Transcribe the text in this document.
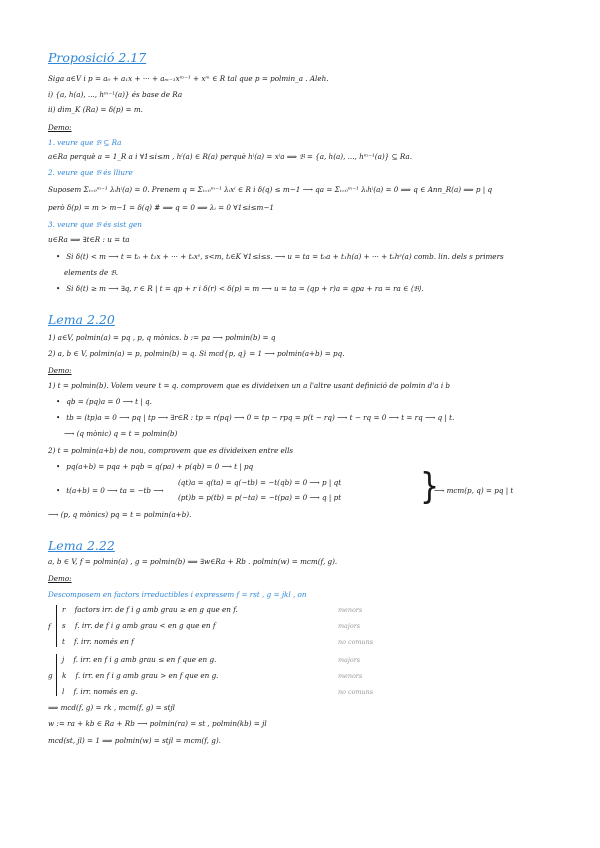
Proposició 2.17
Siga a∈V i p = a₀ + a₁x + ··· + aₘ₋₁xᵐ⁻¹ + xᵐ ∈ R tal que p = polmin_a . Aleh.
i) {a, h(a), ..., hᵐ⁻¹(a)} és base de Ra
ii) dim_K (Ra) = δ(p) = m.
Demo:
1. veure que 𝔅 ⊆ Ra
a∈Ra perquè a = 1_R a i ∀1≤i≤m , hⁱ(a) ∈ R(a) perquè hⁱ(a) = xⁱa ⟹ 𝔅 = {a, h(a), ..., hᵐ⁻¹(a)} ⊆ Ra.
2. veure que 𝔅 és lliure
Suposem Σᵢ₌₀ᵐ⁻¹ λᵢhⁱ(a) = 0. Prenem q = Σᵢ₌₀ᵐ⁻¹ λᵢxⁱ ∈ R i δ(q) ≤ m−1 ⟶ qa = Σᵢ₌₀ᵐ⁻¹ λᵢhⁱ(a) = 0 ⟹ q ∈ Ann_R(a) ⟹ p | q
però δ(p) = m > m−1 = δ(q) # ⟹ q = 0 ⟹ λᵢ = 0 ∀1≤i≤m−1
3. veure que 𝔅 és sist gen
u∈Ra ⟹ ∃t∈R : u = ta
• Si δ(t) < m ⟶ t = t₀ + t₁x + ··· + tₛxˢ, s<m, tᵢ∈K ∀1≤i≤s. ⟶ u = ta = t₀a + t₁h(a) + ··· + tₛhˢ(a) comb. lin. dels s primers
elements de 𝔅.
• Si δ(t) ≥ m ⟶ ∃q, r ∈ R | t = qp + r i δ(r) < δ(p) = m ⟶ u = ta = (qp + r)a = qpa + ra = ra ∈ ⟨𝔅⟩.
Lema 2.20
1) a∈V, polmin(a) = pq , p, q mònics. b := pa ⟶ polmin(b) = q
2) a, b ∈ V, polmin(a) = p, polmin(b) = q. Si mcd{p, q} = 1 ⟶ polmin(a+b) = pq.
Demo:
1) t = polmin(b). Volem veure t = q. comprovem que es divideixen un a l'altre usant definició de polmin d'a i b
• qb = (pq)a = 0 ⟶ t | q.
• tb = (tp)a = 0 ⟶ pq | tp ⟶ ∃r∈R : tp = r(pq) ⟶ 0 = tp − rpq = p(t − rq) ⟶ t − rq = 0 ⟶ t = rq ⟶ q | t.
⟶ (q mònic) q = t = polmin(b)
2) t = polmin(a+b) de nou, comprovem que es divideixen entre ells
• pq(a+b) = pqa + pqb = q(pa) + p(qb) = 0 ⟶ t | pq
• t(a+b) = 0 ⟶ ta = −tb ⟶
(qt)a = q(ta) = q(−tb) = −t(qb) = 0 ⟶ p | qt
(pt)b = p(tb) = p(−ta) = −t(pa) = 0 ⟶ q | pt	}
⟶ mcm(p, q) = pq | t
⟶ (p, q mònics) pq = t = polmin(a+b).
Lema 2.22
a, b ∈ V, f = polmin(a) , g = polmin(b) ⟹ ∃w∈Ra + Rb . polmin(w) = mcm(f, g).
Demo:
Descomposem en factors irreductibles i expressem f = rst , g = jkl , on
f
g
r factors irr. de f i g amb grau ≥ en g que en f.	menors
s f. irr. de f i g amb grau < en g que en f	majors
t f. irr. només en f	no comuns
j f. irr. en f i g amb grau ≤ en f que en g.	majors
k f. irr. en f i g amb grau > en f que en g.	menors
l f. irr. només en g.	no comuns
⟹ mcd(f, g) = rk , mcm(f, g) = stjl
w := ra + kb ∈ Ra + Rb ⟶ polmin(ra) = st , polmin(kb) = jl
mcd(st, jl) = 1 ⟹ polmin(w) = stjl = mcm(f, g).
